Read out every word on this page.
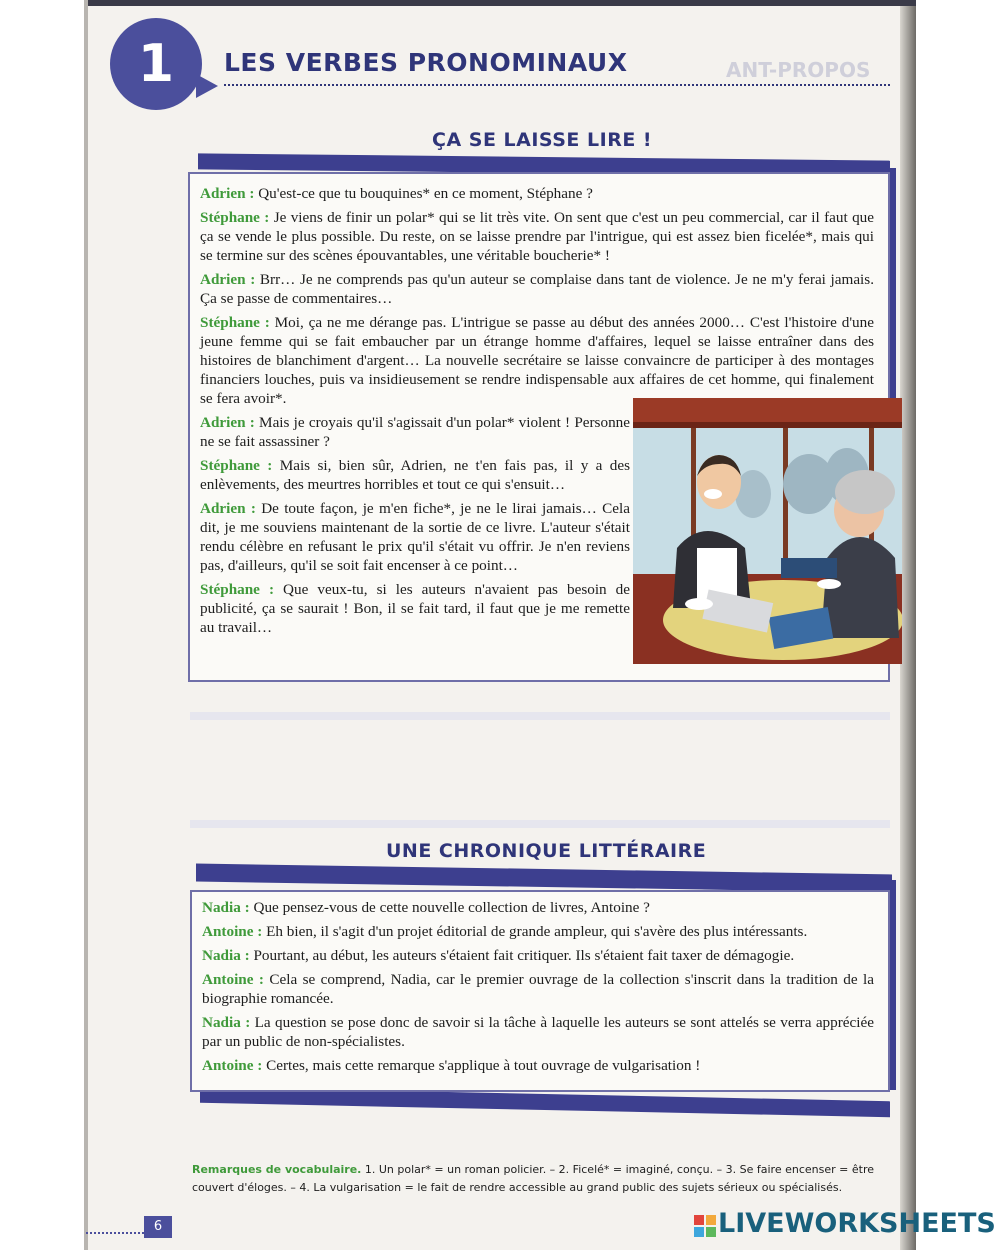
ANT-PROPOS
1	LES VERBES PRONOMINAUX
ÇA SE LAISSE LIRE !

Adrien : Qu'est-ce que tu bouquines* en ce moment, Stéphane ?

Stéphane : Je viens de finir un polar* qui se lit très vite. On sent que c'est un peu commercial, car il faut que ça se vende le plus possible. Du reste, on se laisse prendre par l'intrigue, qui est assez bien ficelée*, mais qui se termine sur des scènes épouvantables, une véritable boucherie* !

Adrien : Brr… Je ne comprends pas qu'un auteur se complaise dans tant de violence. Je ne m'y ferai jamais. Ça se passe de commentaires…

Stéphane : Moi, ça ne me dérange pas. L'intrigue se passe au début des années 2000… C'est l'histoire d'une jeune femme qui se fait embaucher par un étrange homme d'affaires, lequel se laisse entraîner dans des histoires de blanchiment d'argent… La nouvelle secrétaire se laisse convaincre de participer à des montages financiers louches, puis va insidieusement se rendre indispensable aux affaires de cet homme, qui finalement se fera avoir*.

Adrien : Mais je croyais qu'il s'agissait d'un polar* violent ! Personne ne se fait assassiner ?

Stéphane : Mais si, bien sûr, Adrien, ne t'en fais pas, il y a des enlèvements, des meurtres horribles et tout ce qui s'ensuit…

Adrien : De toute façon, je m'en fiche*, je ne le lirai jamais… Cela dit, je me souviens maintenant de la sortie de ce livre. L'auteur s'était rendu célèbre en refusant le prix qu'il s'était vu offrir. Je n'en reviens pas, d'ailleurs, qu'il se soit fait encenser à ce point…

Stéphane : Que veux-tu, si les auteurs n'avaient pas besoin de publicité, ça se saurait ! Bon, il se fait tard, il faut que je me remette au travail…

UNE CHRONIQUE LITTÉRAIRE

Nadia : Que pensez-vous de cette nouvelle collection de livres, Antoine ?

Antoine : Eh bien, il s'agit d'un projet éditorial de grande ampleur, qui s'avère des plus intéressants.

Nadia : Pourtant, au début, les auteurs s'étaient fait critiquer. Ils s'étaient fait taxer de démagogie.

Antoine : Cela se comprend, Nadia, car le premier ouvrage de la collection s'inscrit dans la tradition de la biographie romancée.

Nadia : La question se pose donc de savoir si la tâche à laquelle les auteurs se sont attelés se verra appréciée par un public de non-spécialistes.

Antoine : Certes, mais cette remarque s'applique à tout ouvrage de vulgarisation !

Remarques de vocabulaire. 1. Un polar* = un roman policier. – 2. Ficelé* = imaginé, conçu. – 3. Se faire encenser = être couvert d'éloges. – 4. La vulgarisation = le fait de rendre accessible au grand public des sujets sérieux ou spécialisés.
6	LIVEWORKSHEETS
